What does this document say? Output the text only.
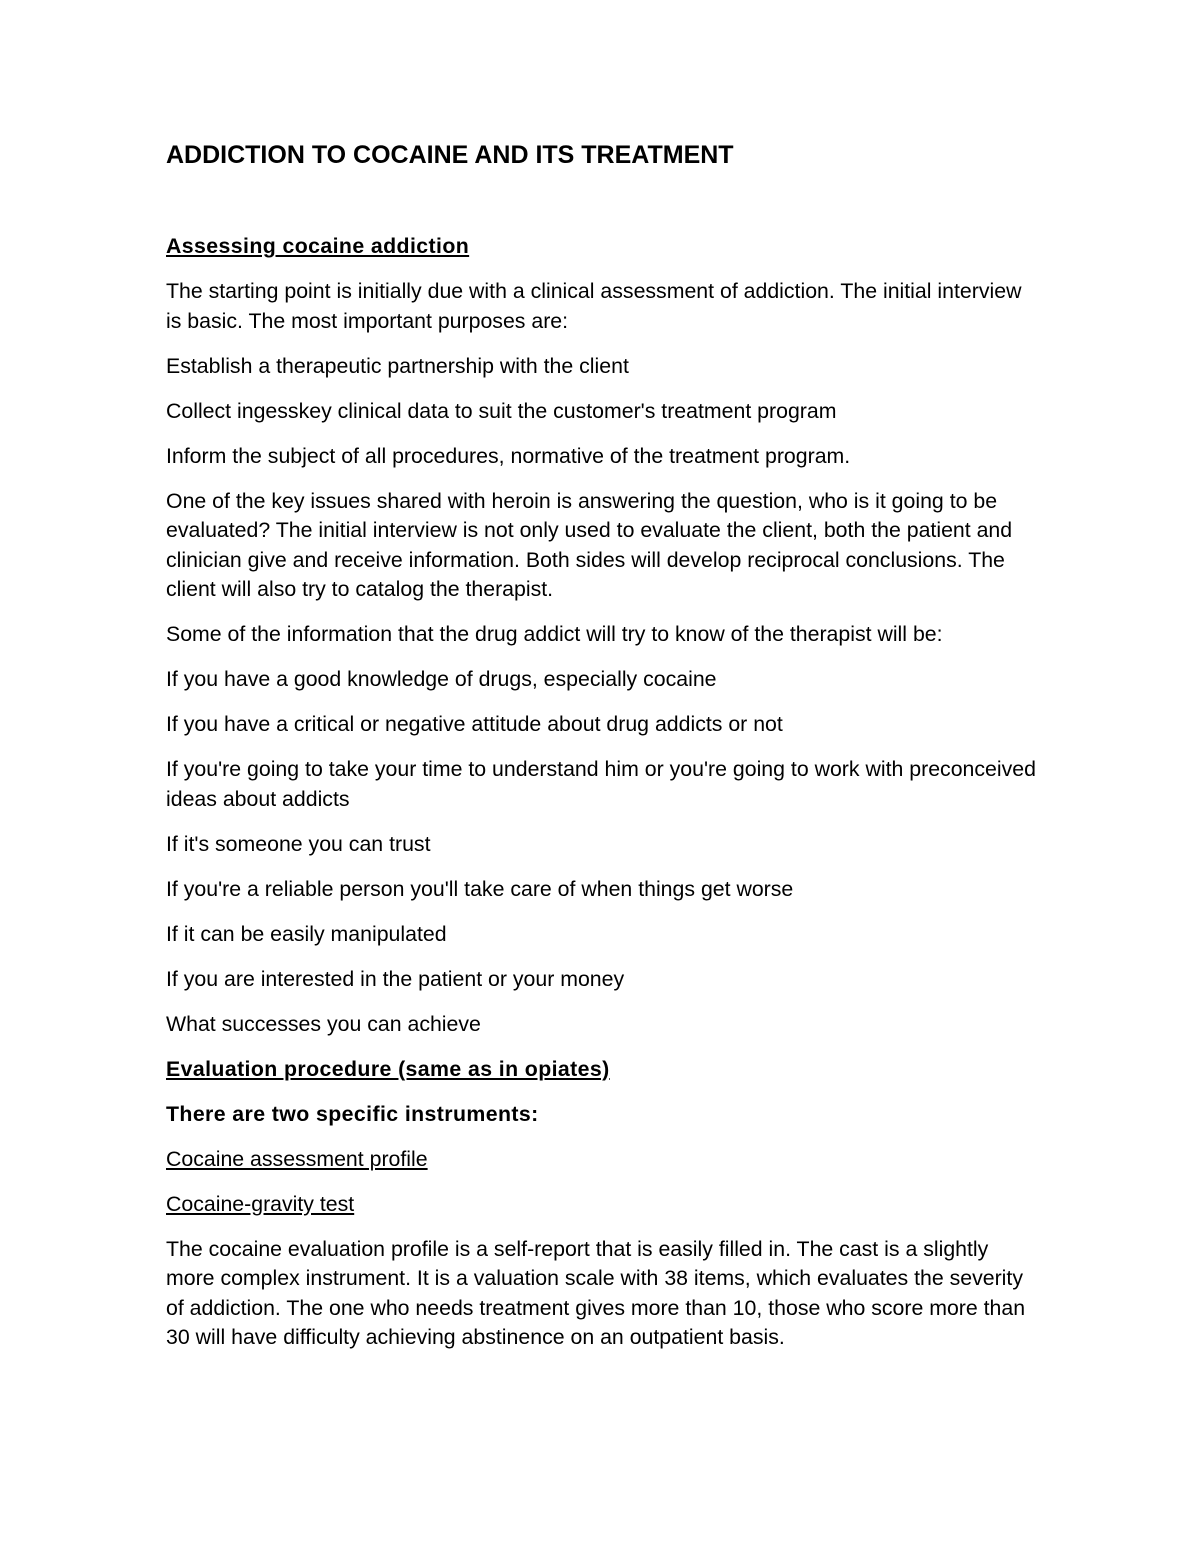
ADDICTION TO COCAINE AND ITS TREATMENT
Assessing cocaine addiction
The starting point is initially due with a clinical assessment of addiction. The initial interview is basic. The most important purposes are:
Establish a therapeutic partnership with the client
Collect ingesskey clinical data to suit the customer's treatment program
Inform the subject of all procedures, normative of the treatment program.
One of the key issues shared with heroin is answering the question, who is it going to be evaluated? The initial interview is not only used to evaluate the client, both the patient and clinician give and receive information. Both sides will develop reciprocal conclusions. The client will also try to catalog the therapist.
Some of the information that the drug addict will try to know of the therapist will be:
If you have a good knowledge of drugs, especially cocaine
If you have a critical or negative attitude about drug addicts or not
If you're going to take your time to understand him or you're going to work with preconceived ideas about addicts
If it's someone you can trust
If you're a reliable person you'll take care of when things get worse
If it can be easily manipulated
If you are interested in the patient or your money
What successes you can achieve
Evaluation procedure (same as in opiates)
There are two specific instruments:
Cocaine assessment profile
Cocaine-gravity test
The cocaine evaluation profile is a self-report that is easily filled in. The cast is a slightly more complex instrument. It is a valuation scale with 38 items, which evaluates the severity of addiction. The one who needs treatment gives more than 10, those who score more than 30 will have difficulty achieving abstinence on an outpatient basis.
